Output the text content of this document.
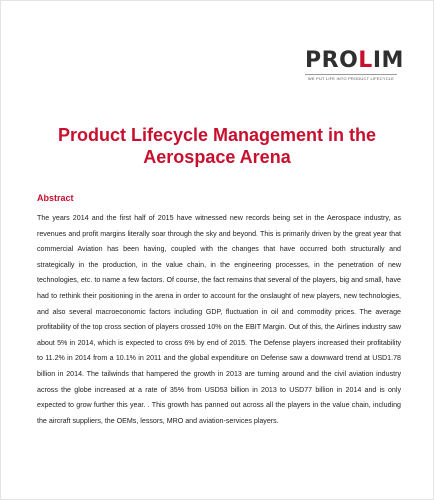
PROLIM
WE PUT LIFE INTO PRODUCT LIFECYCLE
Product Lifecycle Management in the Aerospace Arena
Abstract

The years 2014 and the first half of 2015 have witnessed new records being set in the Aerospace industry, as revenues and profit margins literally soar through the sky and beyond. This is primarily driven by the great year that commercial Aviation has been having, coupled with the changes that have occurred both structurally and strategically in the production, in the value chain, in the engineering processes, in the penetration of new technologies, etc. to name a few factors. Of course, the fact remains that several of the players, big and small, have had to rethink their positioning in the arena in order to account for the onslaught of new players, new technologies, and also several macroeconomic factors including GDP, fluctuation in oil and commodity prices. The average profitability of the top cross section of players crossed 10% on the EBIT Margin. Out of this, the Airlines industry saw about 5% in 2014, which is expected to cross 6% by end of 2015. The Defense players increased their profitability to 11.2% in 2014 from a 10.1% in 2011 and the global expenditure on Defense saw a downward trend at USD1.78 billion in 2014. The tailwinds that hampered the growth in 2013 are turning around and the civil aviation industry across the globe increased at a rate of 35% from USD53 billion in 2013 to USD77 billion in 2014 and is only expected to grow further this year. . This growth has panned out across all the players in the value chain, including the aircraft suppliers, the OEMs, lessors, MRO and aviation-services players.
